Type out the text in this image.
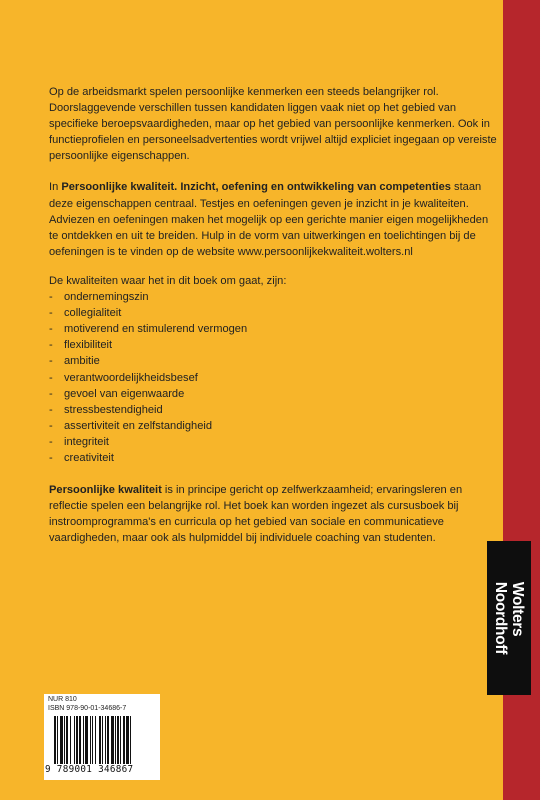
Op de arbeidsmarkt spelen persoonlijke kenmerken een steeds belangrijker rol. Doorslaggevende verschillen tussen kandidaten liggen vaak niet op het gebied van specifieke beroepsvaardigheden, maar op het gebied van persoonlijke kenmerken. Ook in functieprofielen en personeelsadvertenties wordt vrijwel altijd expliciet ingegaan op vereiste persoonlijke eigenschappen.

In Persoonlijke kwaliteit. Inzicht, oefening en ontwikkeling van competenties staan deze eigenschappen centraal. Testjes en oefeningen geven je inzicht in je kwaliteiten. Adviezen en oefeningen maken het mogelijk op een gerichte manier eigen mogelijkheden te ontdekken en uit te breiden. Hulp in de vorm van uitwerkingen en toelichtingen bij de oefeningen is te vinden op de website www.persoonlijkekwaliteit.wolters.nl

De kwaliteiten waar het in dit boek om gaat, zijn:
-	ondernemingszin
-	collegialiteit
-	motiverend en stimulerend vermogen
-	flexibiliteit
-	ambitie
-	verantwoordelijkheidsbesef
-	gevoel van eigenwaarde
-	stressbestendigheid
-	assertiviteit en zelfstandigheid
-	integriteit
-	creativiteit

Persoonlijke kwaliteit is in principe gericht op zelfwerkzaamheid; ervaringsleren en reflectie spelen een belangrijke rol. Het boek kan worden ingezet als cursusboek bij instroomprogramma's en curricula op het gebied van sociale en communicatieve vaardigheden, maar ook als hulpmiddel bij individuele coaching van studenten.

Wolters
Noordhoff
NUR 810
ISBN 978-90-01-34686-7
9 789001 346867
